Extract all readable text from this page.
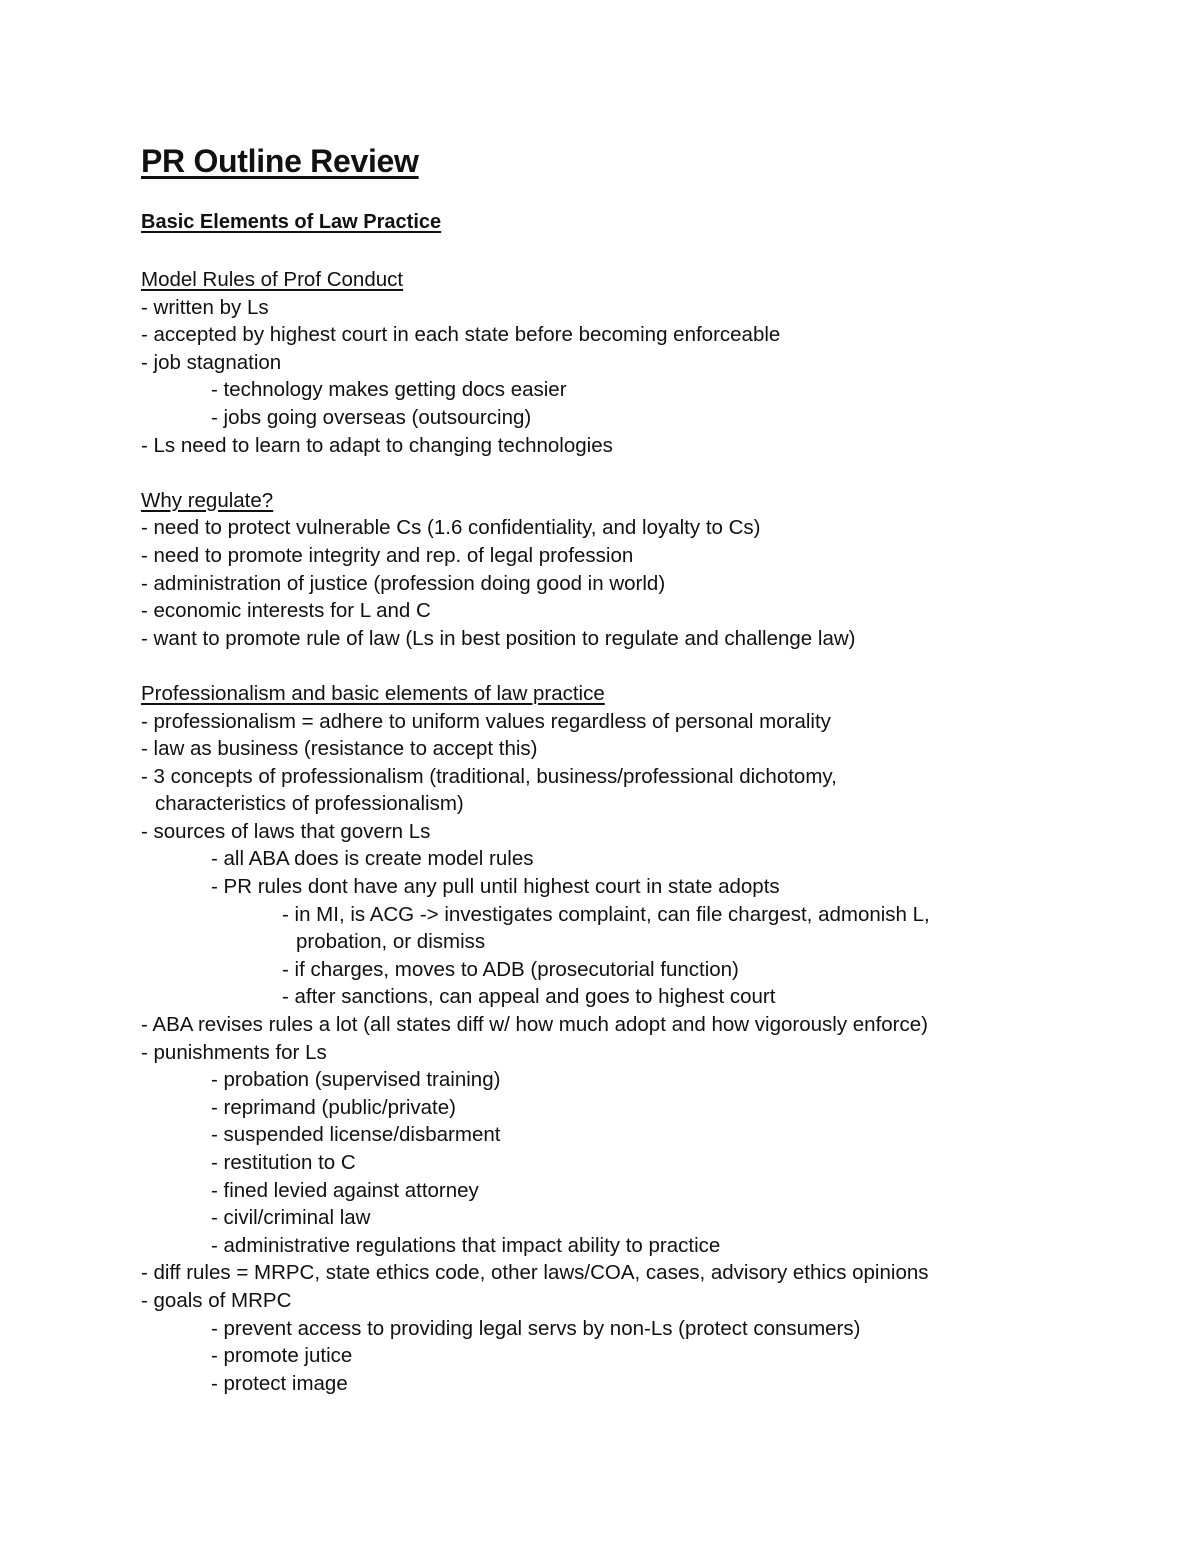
PR Outline Review
Basic Elements of Law Practice
Model Rules of Prof Conduct
- written by Ls
- accepted by highest court in each state before becoming enforceable
- job stagnation
- technology makes getting docs easier
- jobs going overseas (outsourcing)
- Ls need to learn to adapt to changing technologies
Why regulate?
- need to protect vulnerable Cs (1.6 confidentiality, and loyalty to Cs)
- need to promote integrity and rep. of legal profession
- administration of justice (profession doing good in world)
- economic interests for L and C
- want to promote rule of law (Ls in best position to regulate and challenge law)
Professionalism and basic elements of law practice
- professionalism = adhere to uniform values regardless of personal morality
- law as business (resistance to accept this)
- 3 concepts of professionalism (traditional, business/professional dichotomy,
characteristics of professionalism)
- sources of laws that govern Ls
- all ABA does is create model rules
- PR rules dont have any pull until highest court in state adopts
- in MI, is ACG -> investigates complaint, can file chargest, admonish L,
probation, or dismiss
- if charges, moves to ADB (prosecutorial function)
- after sanctions, can appeal and goes to highest court
- ABA revises rules a lot (all states diff w/ how much adopt and how vigorously enforce)
- punishments for Ls
- probation (supervised training)
- reprimand (public/private)
- suspended license/disbarment
- restitution to C
- fined levied against attorney
- civil/criminal law
- administrative regulations that impact ability to practice
- diff rules = MRPC, state ethics code, other laws/COA, cases, advisory ethics opinions
- goals of MRPC
- prevent access to providing legal servs by non-Ls (protect consumers)
- promote jutice
- protect image
